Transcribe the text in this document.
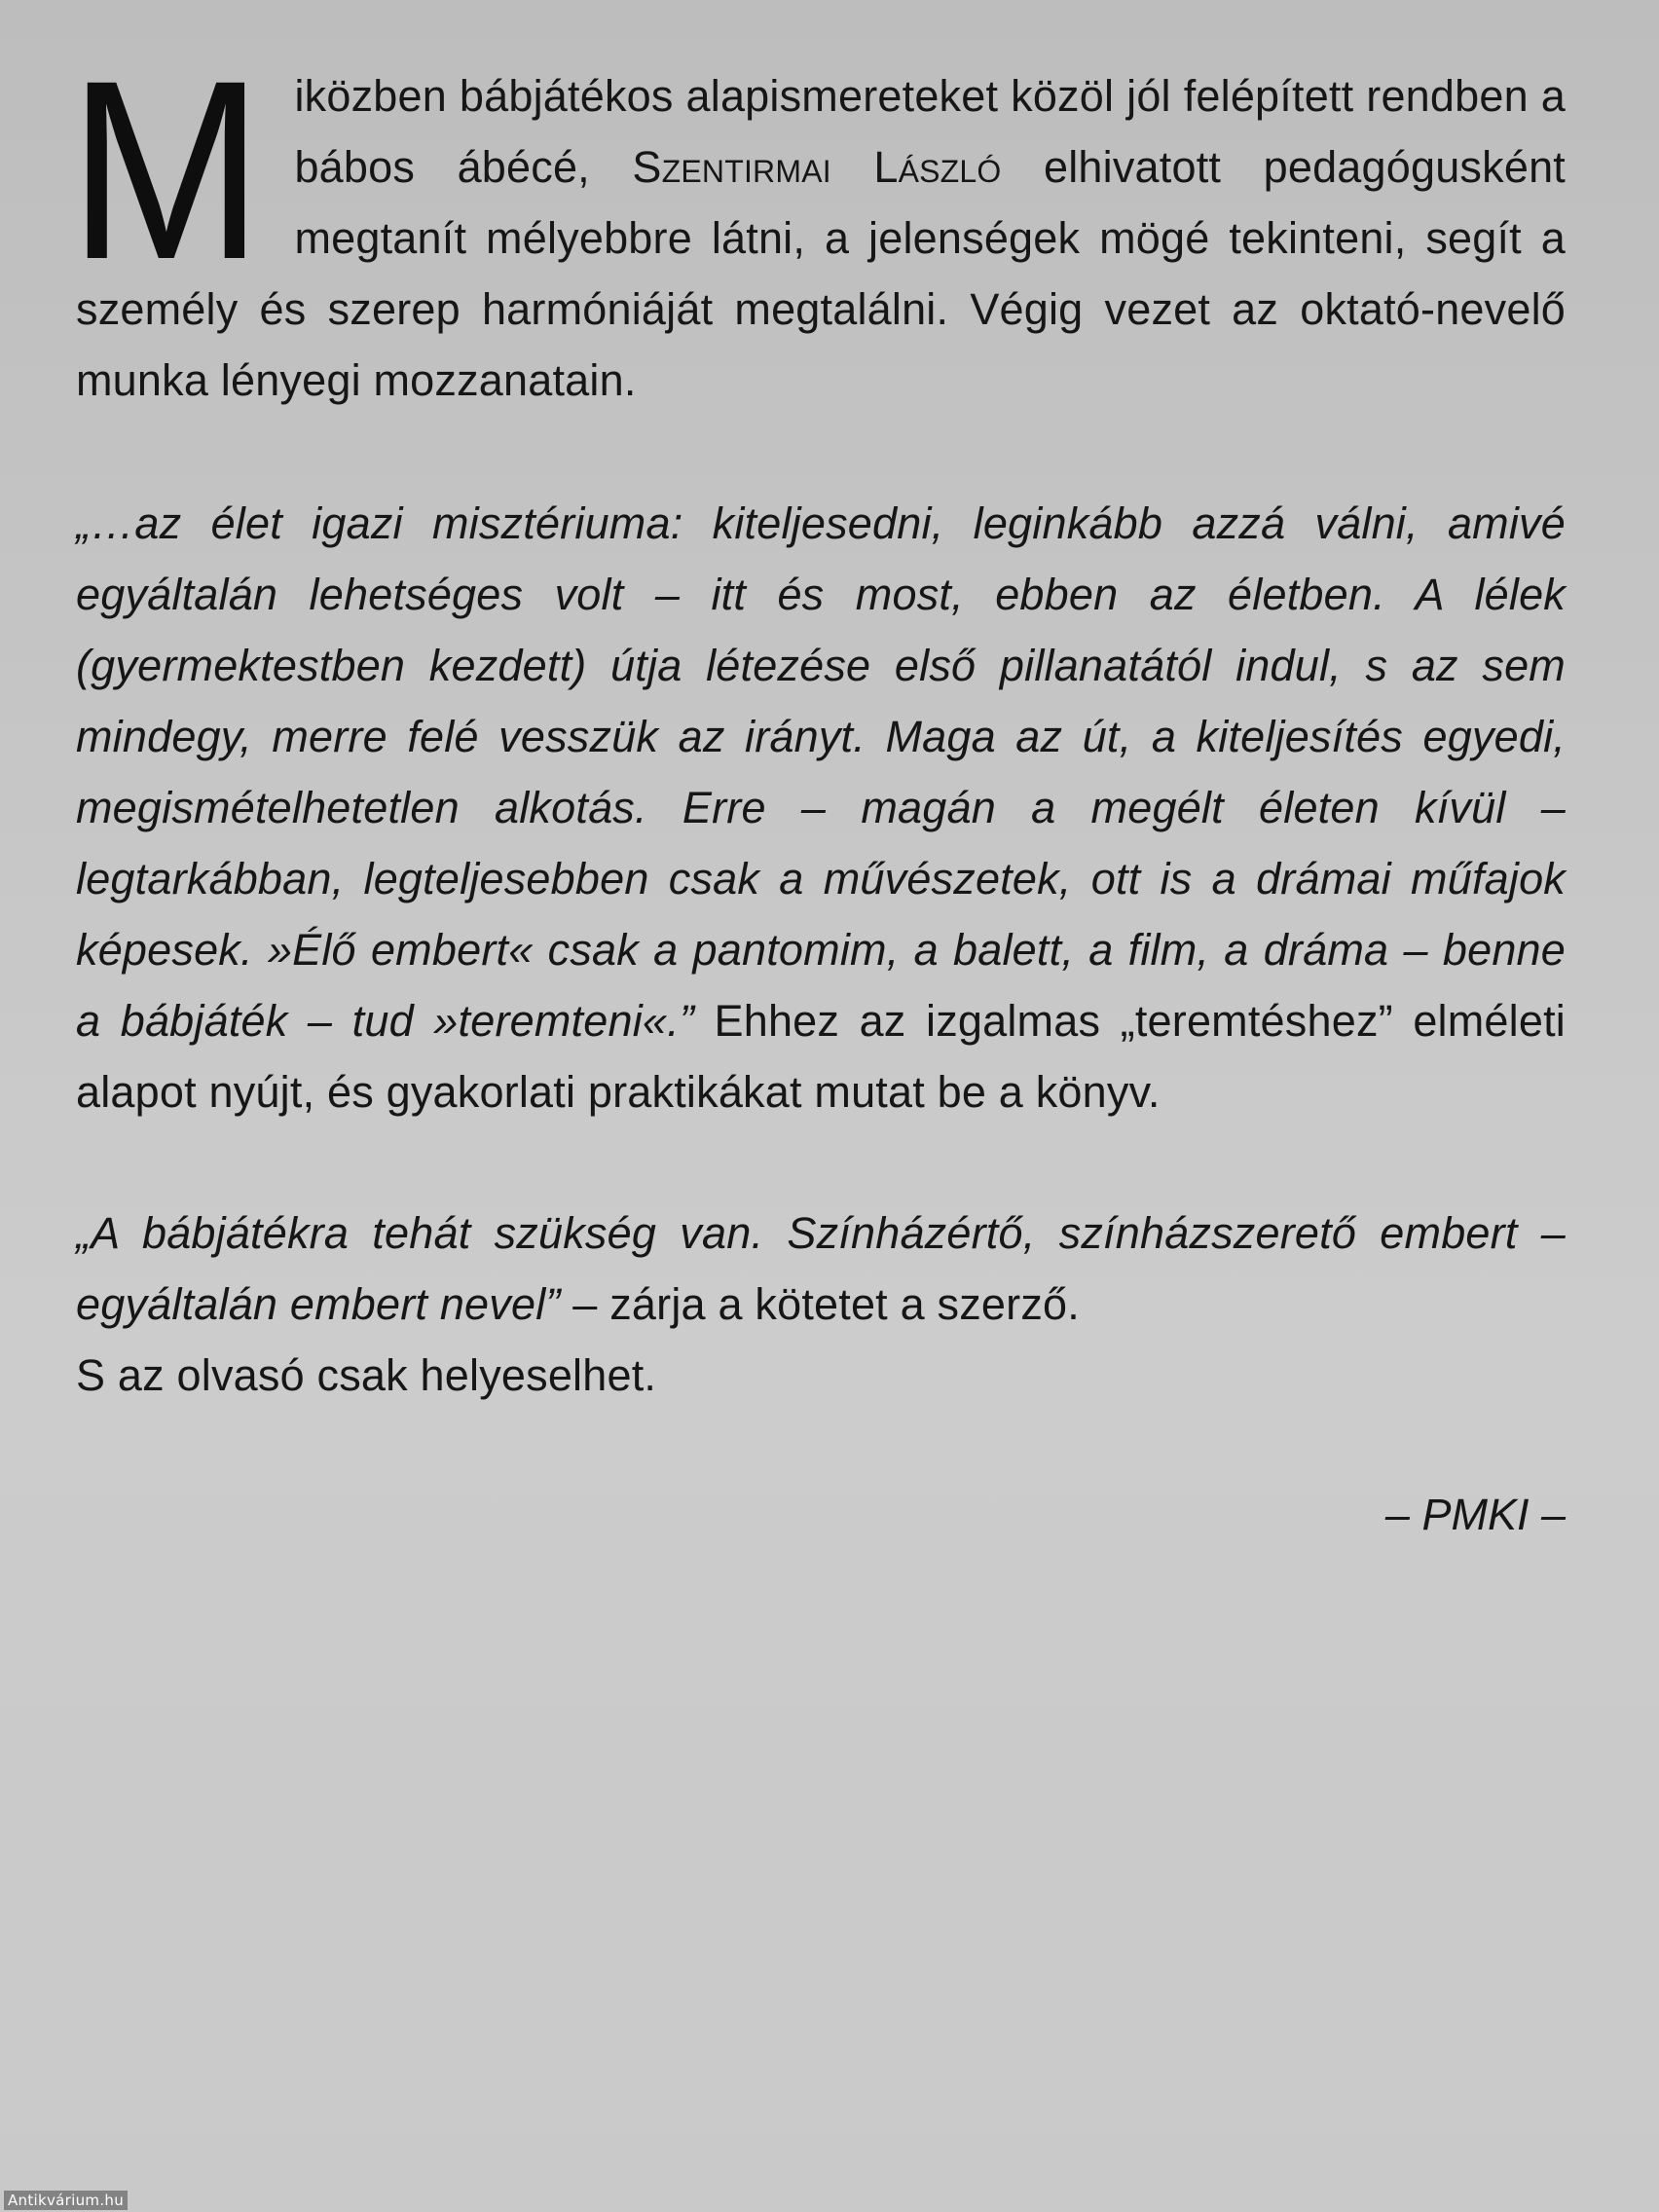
Miközben bábjátékos alapismereteket közöl jól felépített rendben a bábos ábécé, Szentirmai László elhivatott pedagógusként megtanít mélyebbre látni, a jelenségek mögé tekinteni, segít a személy és szerep harmóniáját megtalálni. Végig vezet az oktató-nevelő munka lényegi mozzanatain.

„…az élet igazi misztériuma: kiteljesedni, leginkább azzá válni, amivé egyáltalán lehetséges volt – itt és most, ebben az életben. A lélek (gyermektestben kezdett) útja létezése első pillanatától indul, s az sem mindegy, merre felé vesszük az irányt. Maga az út, a kiteljesítés egyedi, megismételhetetlen alkotás. Erre – magán a megélt életen kívül – legtarkábban, legteljesebben csak a művészetek, ott is a drámai műfajok képesek. »Élő embert« csak a pantomim, a balett, a film, a dráma – benne a bábjáték – tud »teremteni«.” Ehhez az izgalmas „teremtéshez” elméleti alapot nyújt, és gyakorlati praktikákat mutat be a könyv.

„A bábjátékra tehát szükség van. Színházértő, színházszerető embert – egyáltalán embert nevel” – zárja a kötetet a szerző.
S az olvasó csak helyeselhet.

– PMKI –
Antikvárium.hu
